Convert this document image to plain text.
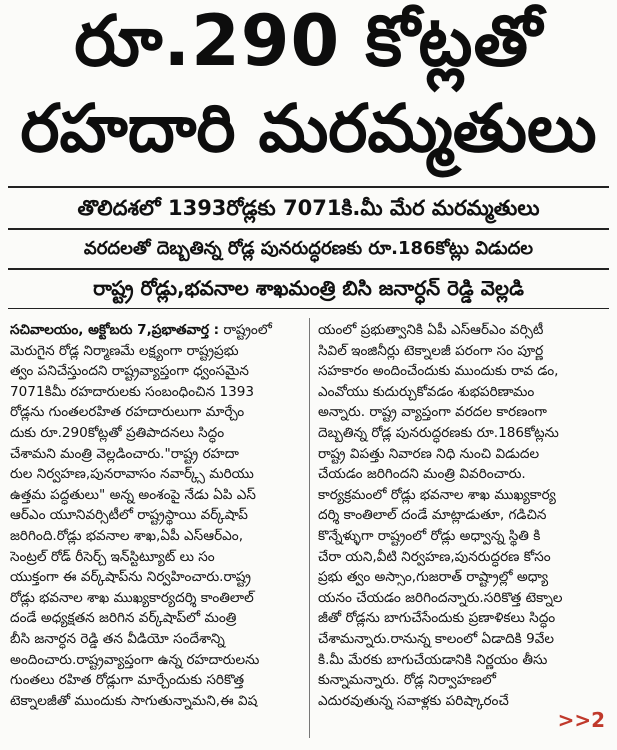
రూ.290 కోట్లతో
రహదారి మరమ్మతులు
తొలిదశలో 1393రోడ్లకు 7071కి.మీ మేర మరమ్మతులు
వరదలతో దెబ్బతిన్న రోడ్ల పునరుద్ధరణకు రూ.186కోట్లు విడుదల
రాష్ట్ర రోడ్లు,భవనాల శాఖమంత్రి బిసి జనార్ధన్ రెడ్డి వెల్లడి
సచివాలయం, అక్టోబరు 7,ప్రభాతవార్త : రాష్ట్రంలో
మెరుగైన రోడ్ల నిర్మాణమే లక్ష్యంగా రాష్ట్రప్రభు
త్వం పనిచేస్తుందని రాష్ట్రవ్యాప్తంగా ధ్వంసమైన
7071కిమీ రహదారులకు సంబంధించిన 1393
రోడ్లను గుంతలరహిత రహదారులుగా మార్చేం
దుకు రూ.290కోట్లతో ప్రతిపాదనలు సిద్ధం
చేశామని మంత్రి వెల్లడించారు."రాష్ట్ర రహదా
రుల నిర్వహణ,పునరావాసం నవార్క్స్ మరియు
ఉత్తమ పద్ధతులు" అన్న అంశంపై నేడు ఏపి ఎస్
ఆర్ఎం యూనివర్సిటీలో రాష్ట్రస్థాయి వర్క్‌షాప్
జరిగింది.రోడ్లు భవనాల శాఖ,ఏపీ ఎస్ఆర్ఎం,
సెంట్రల్ రోడ్ రీసెర్చ్ ఇన్‌స్టిట్యూట్ లు సం
యుక్తంగా ఈ వర్క్‌షాప్‌ను నిర్వహించారు.రాష్ట్ర
రోడ్లు భవనాల శాఖ ముఖ్యకార్యదర్శి కాంతిలాల్
దండే అధ్యక్షతన జరిగిన వర్క్‌షాప్‌లో మంత్రి
బీసి జనార్ధన రెడ్డి తన వీడియో సందేశాన్ని
అందించారు.రాష్ట్రవ్యాప్తంగా ఉన్న రహదారులను
గుంతలు రహిత రోడ్లుగా మార్చేందుకు సరికొత్త
టెక్నాలజీతో ముందుకు సాగుతున్నామని,ఈ విష
యంలో ప్రభుత్వానికి ఏపీ ఎస్ఆర్ఎం వర్సిటీ
సివిల్ ఇంజినీర్లు టెక్నాలజీ పరంగా సం పూర్ణ
సహకారం అందించేందుకు ముందుకు రావ డం,
ఎంవోయు కుదుర్చుకోవడం శుభపరిణామం
అన్నారు. రాష్ట్ర వ్యాప్తంగా వరదల కారణంగా
దెబ్బతిన్న రోడ్ల పునరుద్ధరణకు రూ.186కోట్లను
రాష్ట్ర విపత్తు నివారణ నిధి నుంచి విడుదల
చేయడం జరిగిందని మంత్రి వివరించారు.
కార్యక్రమంలో రోడ్లు భవనాల శాఖ ముఖ్యకార్య
దర్శి కాంతిలాల్ దండే మాట్లాడుతూ, గడిచిన
కొన్నేళ్ళుగా రాష్ట్రంలో రోడ్లు అధ్వాన్న స్థితి కి
చేరా యని,వీటి నిర్వహణ,పునరుద్ధరణ కోసం
ప్రభు త్వం అస్సాం,గుజరాత్ రాష్ట్రాల్లో అధ్యా
యనం చేయడం జరిగిందన్నారు.సరికొత్త టెక్నాల
జీతో రోడ్లను బాగుచేసేందుకు ప్రణాళికలు సిద్ధం
చేశామన్నారు.రానున్న కాలంలో ఏడాదికి 9వేల
కి.మీ మేరకు బాగుచేయడానికి నిర్ణయం తీసు
కున్నామన్నారు. రోడ్ల నిర్వాహణలో
ఎదురవుతున్న సవాళ్లకు పరిష్కారంచే
>>2
